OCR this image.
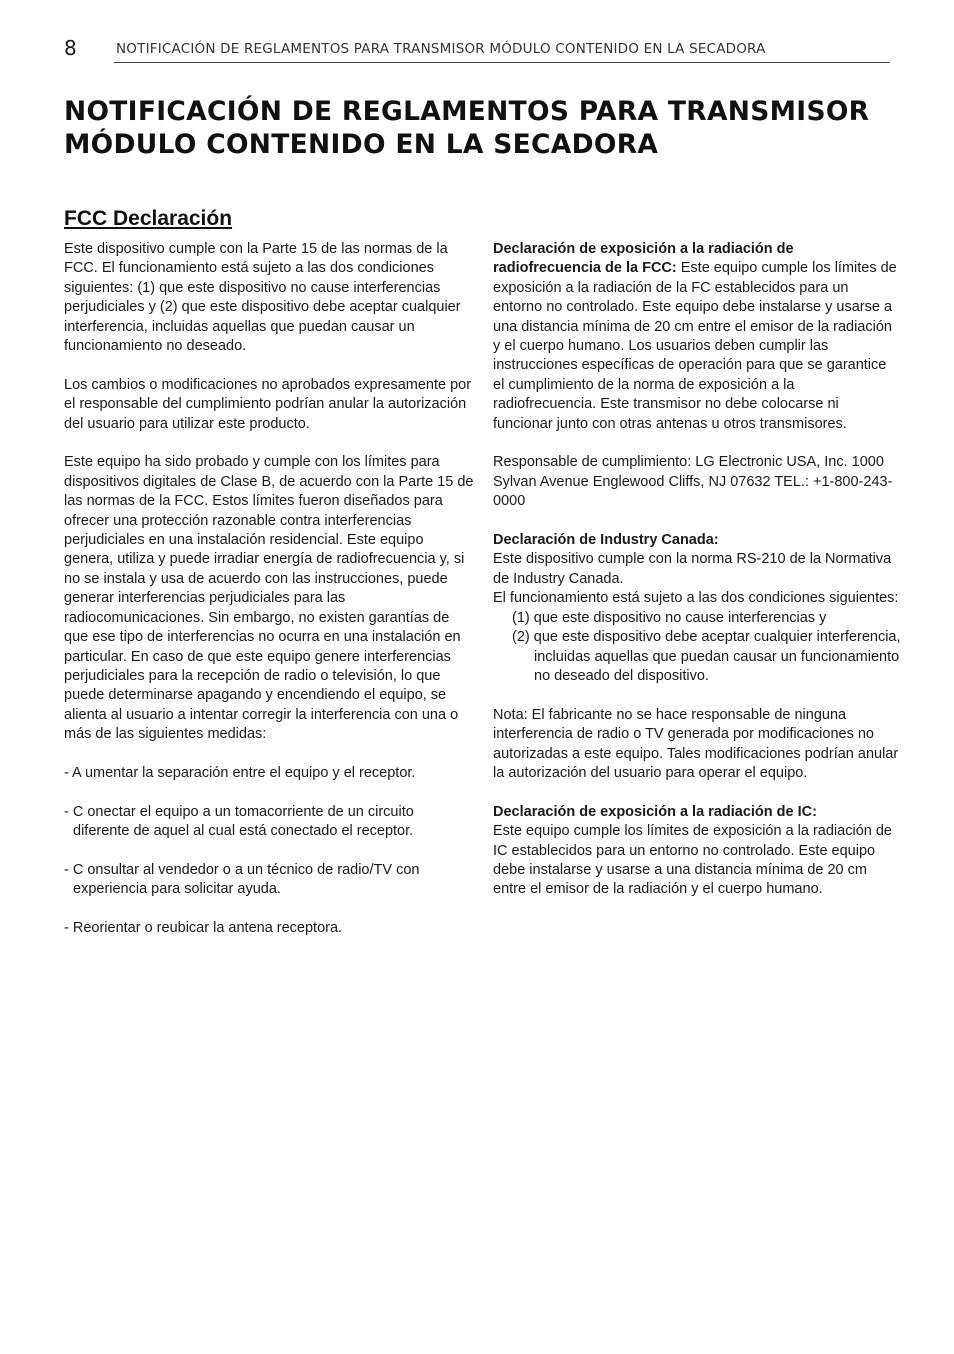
8	NOTIFICACIÓN DE REGLAMENTOS PARA TRANSMISOR MÓDULO CONTENIDO EN LA SECADORA
NOTIFICACIÓN DE REGLAMENTOS PARA TRANSMISOR
MÓDULO CONTENIDO EN LA SECADORA
FCC Declaración

Este dispositivo cumple con la Parte 15 de las normas de la FCC. El funcionamiento está sujeto a las dos condiciones siguientes: (1) que este dispositivo no cause interferencias perjudiciales y (2) que este dispositivo debe aceptar cualquier interferencia, incluidas aquellas que puedan causar un funcionamiento no deseado.

Los cambios o modificaciones no aprobados expresamente por el responsable del cumplimiento podrían anular la autorización del usuario para utilizar este producto.

Este equipo ha sido probado y cumple con los límites para dispositivos digitales de Clase B, de acuerdo con la Parte 15 de las normas de la FCC. Estos límites fueron diseñados para ofrecer una protección razonable contra interferencias perjudiciales en una instalación residencial. Este equipo genera, utiliza y puede irradiar energía de radiofrecuencia y, si no se instala y usa de acuerdo con las instrucciones, puede generar interferencias perjudiciales para las radiocomunicaciones. Sin embargo, no existen garantías de que ese tipo de interferencias no ocurra en una instalación en particular. En caso de que este equipo genere interferencias perjudiciales para la recepción de radio o televisión, lo que puede determinarse apagando y encendiendo el equipo, se alienta al usuario a intentar corregir la interferencia con una o más de las siguientes medidas:

- A umentar la separación entre el equipo y el receptor.

- C onectar el equipo a un tomacorriente de un circuito diferente de aquel al cual está conectado el receptor.

- C onsultar al vendedor o a un técnico de radio/TV con experiencia para solicitar ayuda.

- Reorientar o reubicar la antena receptora.

Declaración de exposición a la radiación de radiofrecuencia de la FCC: Este equipo cumple los límites de exposición a la radiación de la FC establecidos para un entorno no controlado. Este equipo debe instalarse y usarse a una distancia mínima de 20 cm entre el emisor de la radiación y el cuerpo humano. Los usuarios deben cumplir las instrucciones específicas de operación para que se garantice el cumplimiento de la norma de exposición a la radiofrecuencia. Este transmisor no debe colocarse ni funcionar junto con otras antenas u otros transmisores.

Responsable de cumplimiento: LG Electronic USA, Inc. 1000 Sylvan Avenue Englewood Cliffs, NJ 07632 TEL.: +1-800-243-0000

Declaración de Industry Canada:
Este dispositivo cumple con la norma RS-210 de la Normativa de Industry Canada.
El funcionamiento está sujeto a las dos condiciones siguientes:
(1) que este dispositivo no cause interferencias y
(2) que este dispositivo debe aceptar cualquier interferencia, incluidas aquellas que puedan causar un funcionamiento no deseado del dispositivo.

Nota: El fabricante no se hace responsable de ninguna interferencia de radio o TV generada por modificaciones no autorizadas a este equipo. Tales modificaciones podrían anular la autorización del usuario para operar el equipo.

Declaración de exposición a la radiación de IC:
Este equipo cumple los límites de exposición a la radiación de IC establecidos para un entorno no controlado. Este equipo debe instalarse y usarse a una distancia mínima de 20 cm entre el emisor de la radiación y el cuerpo humano.
